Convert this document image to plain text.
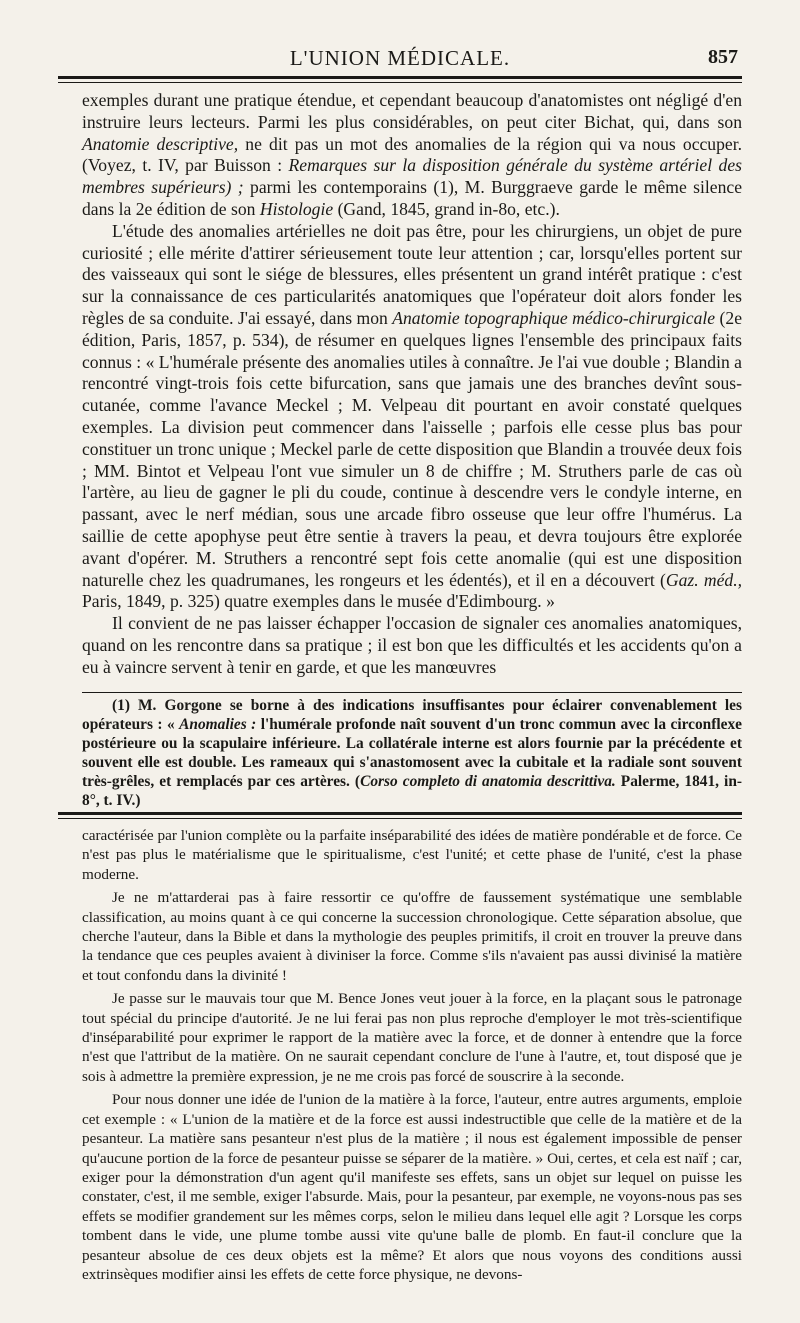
L'UNION MÉDICALE.	857

exemples durant une pratique étendue, et cependant beaucoup d'anatomistes ont négligé d'en instruire leurs lecteurs. Parmi les plus considérables, on peut citer Bichat, qui, dans son Anatomie descriptive, ne dit pas un mot des anomalies de la région qui va nous occuper. (Voyez, t. IV, par Buisson : Remarques sur la disposition générale du système artériel des membres supérieurs) ; parmi les contemporains (1), M. Burggraeve garde le même silence dans la 2e édition de son Histologie (Gand, 1845, grand in-8o, etc.).

L'étude des anomalies artérielles ne doit pas être, pour les chirurgiens, un objet de pure curiosité ; elle mérite d'attirer sérieusement toute leur attention ; car, lorsqu'elles portent sur des vaisseaux qui sont le siége de blessures, elles présentent un grand intérêt pratique : c'est sur la connaissance de ces particularités anatomiques que l'opérateur doit alors fonder les règles de sa conduite. J'ai essayé, dans mon Anatomie topographique médico-chirurgicale (2e édition, Paris, 1857, p. 534), de résumer en quelques lignes l'ensemble des principaux faits connus : « L'humérale présente des anomalies utiles à connaître. Je l'ai vue double ; Blandin a rencontré vingt-trois fois cette bifurcation, sans que jamais une des branches devînt sous-cutanée, comme l'avance Meckel ; M. Velpeau dit pourtant en avoir constaté quelques exemples. La division peut commencer dans l'aisselle ; parfois elle cesse plus bas pour constituer un tronc unique ; Meckel parle de cette disposition que Blandin a trouvée deux fois ; MM. Bintot et Velpeau l'ont vue simuler un 8 de chiffre ; M. Struthers parle de cas où l'artère, au lieu de gagner le pli du coude, continue à descendre vers le condyle interne, en passant, avec le nerf médian, sous une arcade fibro osseuse que leur offre l'humérus. La saillie de cette apophyse peut être sentie à travers la peau, et devra toujours être explorée avant d'opérer. M. Struthers a rencontré sept fois cette anomalie (qui est une disposition naturelle chez les quadrumanes, les rongeurs et les édentés), et il en a découvert (Gaz. méd., Paris, 1849, p. 325) quatre exemples dans le musée d'Edimbourg. »

Il convient de ne pas laisser échapper l'occasion de signaler ces anomalies anatomiques, quand on les rencontre dans sa pratique ; il est bon que les difficultés et les accidents qu'on a eu à vaincre servent à tenir en garde, et que les manœuvres

(1) M. Gorgone se borne à des indications insuffisantes pour éclairer convenablement les opérateurs : « Anomalies : l'humérale profonde naît souvent d'un tronc commun avec la circonflexe postérieure ou la scapulaire inférieure. La collatérale interne est alors fournie par la précédente et souvent elle est double. Les rameaux qui s'anastomosent avec la cubitale et la radiale sont souvent très-grêles, et remplacés par ces artères. (Corso completo di anatomia descrittiva. Palerme, 1841, in-8°, t. IV.)

caractérisée par l'union complète ou la parfaite inséparabilité des idées de matière pondérable et de force. Ce n'est pas plus le matérialisme que le spiritualisme, c'est l'unité; et cette phase de l'unité, c'est la phase moderne.

Je ne m'attarderai pas à faire ressortir ce qu'offre de faussement systématique une semblable classification, au moins quant à ce qui concerne la succession chronologique. Cette séparation absolue, que cherche l'auteur, dans la Bible et dans la mythologie des peuples primitifs, il croit en trouver la preuve dans la tendance que ces peuples avaient à diviniser la force. Comme s'ils n'avaient pas aussi divinisé la matière et tout confondu dans la divinité !

Je passe sur le mauvais tour que M. Bence Jones veut jouer à la force, en la plaçant sous le patronage tout spécial du principe d'autorité. Je ne lui ferai pas non plus reproche d'employer le mot très-scientifique d'inséparabilité pour exprimer le rapport de la matière avec la force, et de donner à entendre que la force n'est que l'attribut de la matière. On ne saurait cependant conclure de l'une à l'autre, et, tout disposé que je sois à admettre la première expression, je ne me crois pas forcé de souscrire à la seconde.

Pour nous donner une idée de l'union de la matière à la force, l'auteur, entre autres arguments, emploie cet exemple : « L'union de la matière et de la force est aussi indestructible que celle de la matière et de la pesanteur. La matière sans pesanteur n'est plus de la matière ; il nous est également impossible de penser qu'aucune portion de la force de pesanteur puisse se séparer de la matière. » Oui, certes, et cela est naïf ; car, exiger pour la démonstration d'un agent qu'il manifeste ses effets, sans un objet sur lequel on puisse les constater, c'est, il me semble, exiger l'absurde. Mais, pour la pesanteur, par exemple, ne voyons-nous pas ses effets se modifier grandement sur les mêmes corps, selon le milieu dans lequel elle agit ? Lorsque les corps tombent dans le vide, une plume tombe aussi vite qu'une balle de plomb. En faut-il conclure que la pesanteur absolue de ces deux objets est la même? Et alors que nous voyons des conditions aussi extrinsèques modifier ainsi les effets de cette force physique, ne devons-
